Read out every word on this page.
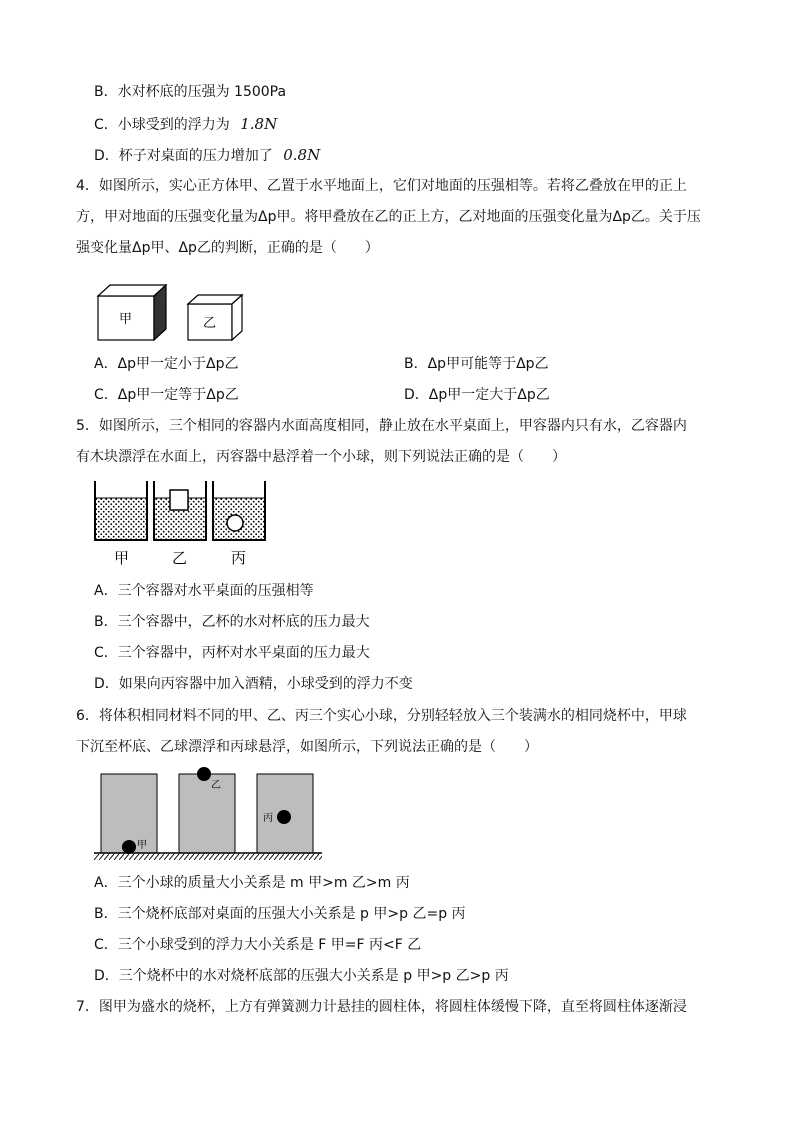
B．水对杯底的压强为 1500Pa
C．小球受到的浮力为 1.8N
D．杯子对桌面的压力增加了 0.8N
4．如图所示，实心正方体甲、乙置于水平地面上，它们对地面的压强相等。若将乙叠放在甲的正上
方，甲对地面的压强变化量为Δp甲。将甲叠放在乙的正上方，乙对地面的压强变化量为Δp乙。关于压
强变化量Δp甲、Δp乙的判断，正确的是（　　）
甲	乙
A．Δp甲一定小于Δp乙	B．Δp甲可能等于Δp乙
C．Δp甲一定等于Δp乙	D．Δp甲一定大于Δp乙
5．如图所示，三个相同的容器内水面高度相同，静止放在水平桌面上，甲容器内只有水，乙容器内
有木块漂浮在水面上，丙容器中悬浮着一个小球，则下列说法正确的是（　　）
甲	乙	丙
A．三个容器对水平桌面的压强相等
B．三个容器中，乙杯的水对杯底的压力最大
C．三个容器中，丙杯对水平桌面的压力最大
D．如果向丙容器中加入酒精，小球受到的浮力不变
6．将体积相同材料不同的甲、乙、丙三个实心小球，分别轻轻放入三个装满水的相同烧杯中，甲球
下沉至杯底、乙球漂浮和丙球悬浮，如图所示，下列说法正确的是（　　）
甲
乙
丙
A．三个小球的质量大小关系是 m 甲>m 乙>m 丙
B．三个烧杯底部对桌面的压强大小关系是 p 甲>p 乙=p 丙
C．三个小球受到的浮力大小关系是 F 甲=F 丙<F 乙
D．三个烧杯中的水对烧杯底部的压强大小关系是 p 甲>p 乙>p 丙
7．图甲为盛水的烧杯，上方有弹簧测力计悬挂的圆柱体，将圆柱体缓慢下降，直至将圆柱体逐渐浸
